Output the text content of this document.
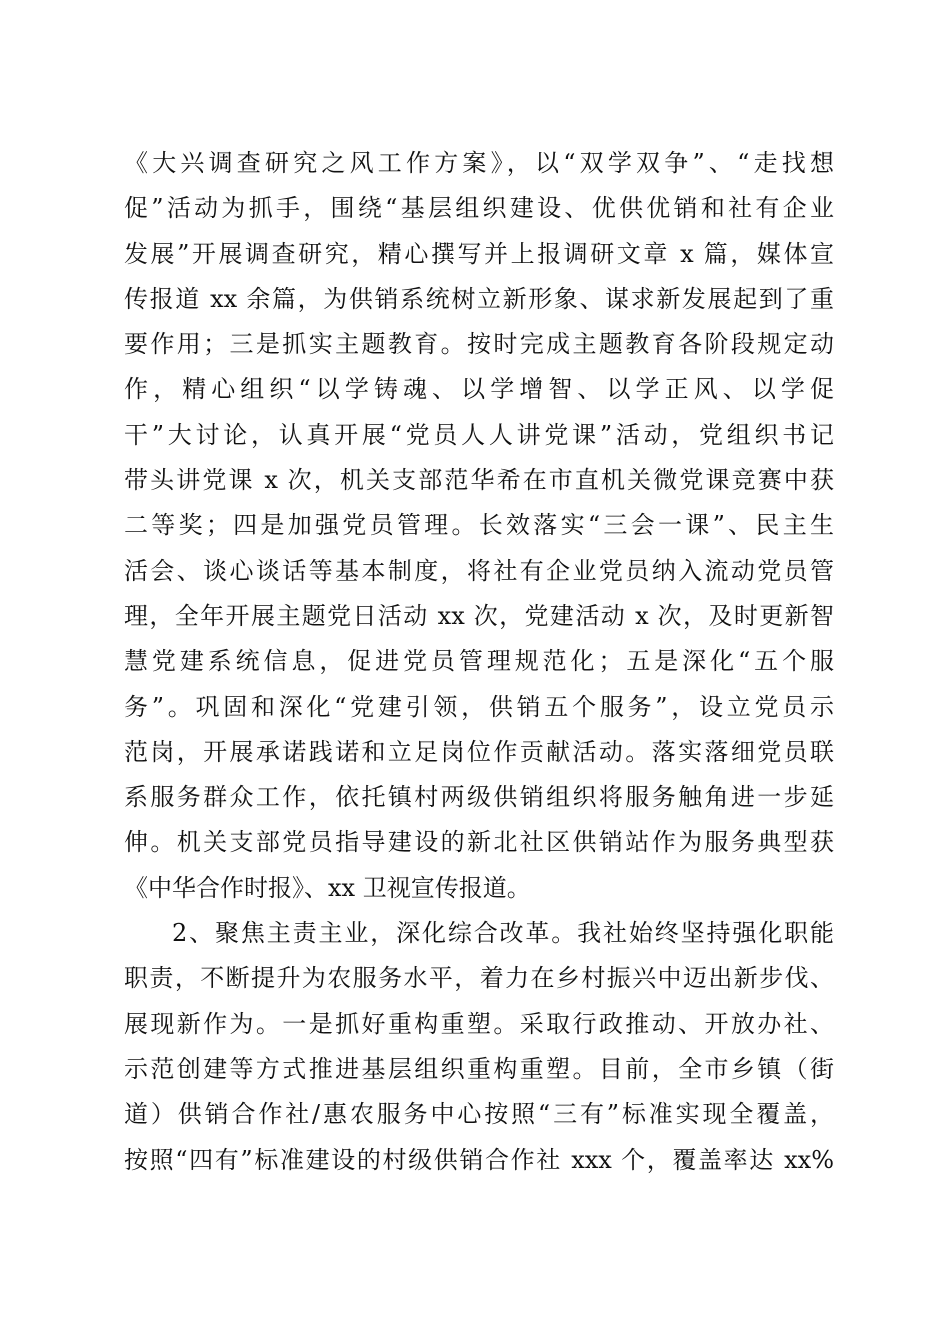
《大兴调查研究之风工作方案》，以“双学双争”、“走找想
促”活动为抓手，围绕“基层组织建设、优供优销和社有企业
发展”开展调查研究，精心撰写并上报调研文章 x 篇，媒体宣
传报道 xx 余篇，为供销系统树立新形象、谋求新发展起到了重
要作用；三是抓实主题教育。按时完成主题教育各阶段规定动
作，精心组织“以学铸魂、以学增智、以学正风、以学促
干”大讨论，认真开展“党员人人讲党课”活动，党组织书记
带头讲党课 x 次，机关支部范华希在市直机关微党课竞赛中获
二等奖；四是加强党员管理。长效落实“三会一课”、民主生
活会、谈心谈话等基本制度，将社有企业党员纳入流动党员管
理，全年开展主题党日活动 xx 次，党建活动 x 次，及时更新智
慧党建系统信息，促进党员管理规范化；五是深化“五个服
务”。巩固和深化“党建引领，供销五个服务”，设立党员示
范岗，开展承诺践诺和立足岗位作贡献活动。落实落细党员联
系服务群众工作，依托镇村两级供销组织将服务触角进一步延
伸。机关支部党员指导建设的新北社区供销站作为服务典型获
《中华合作时报》、xx 卫视宣传报道。
2、聚焦主责主业，深化综合改革。我社始终坚持强化职能
职责，不断提升为农服务水平，着力在乡村振兴中迈出新步伐、
展现新作为。一是抓好重构重塑。采取行政推动、开放办社、
示范创建等方式推进基层组织重构重塑。目前，全市乡镇（街
道）供销合作社/惠农服务中心按照“三有”标准实现全覆盖，
按照“四有”标准建设的村级供销合作社 xxx 个，覆盖率达 xx%
